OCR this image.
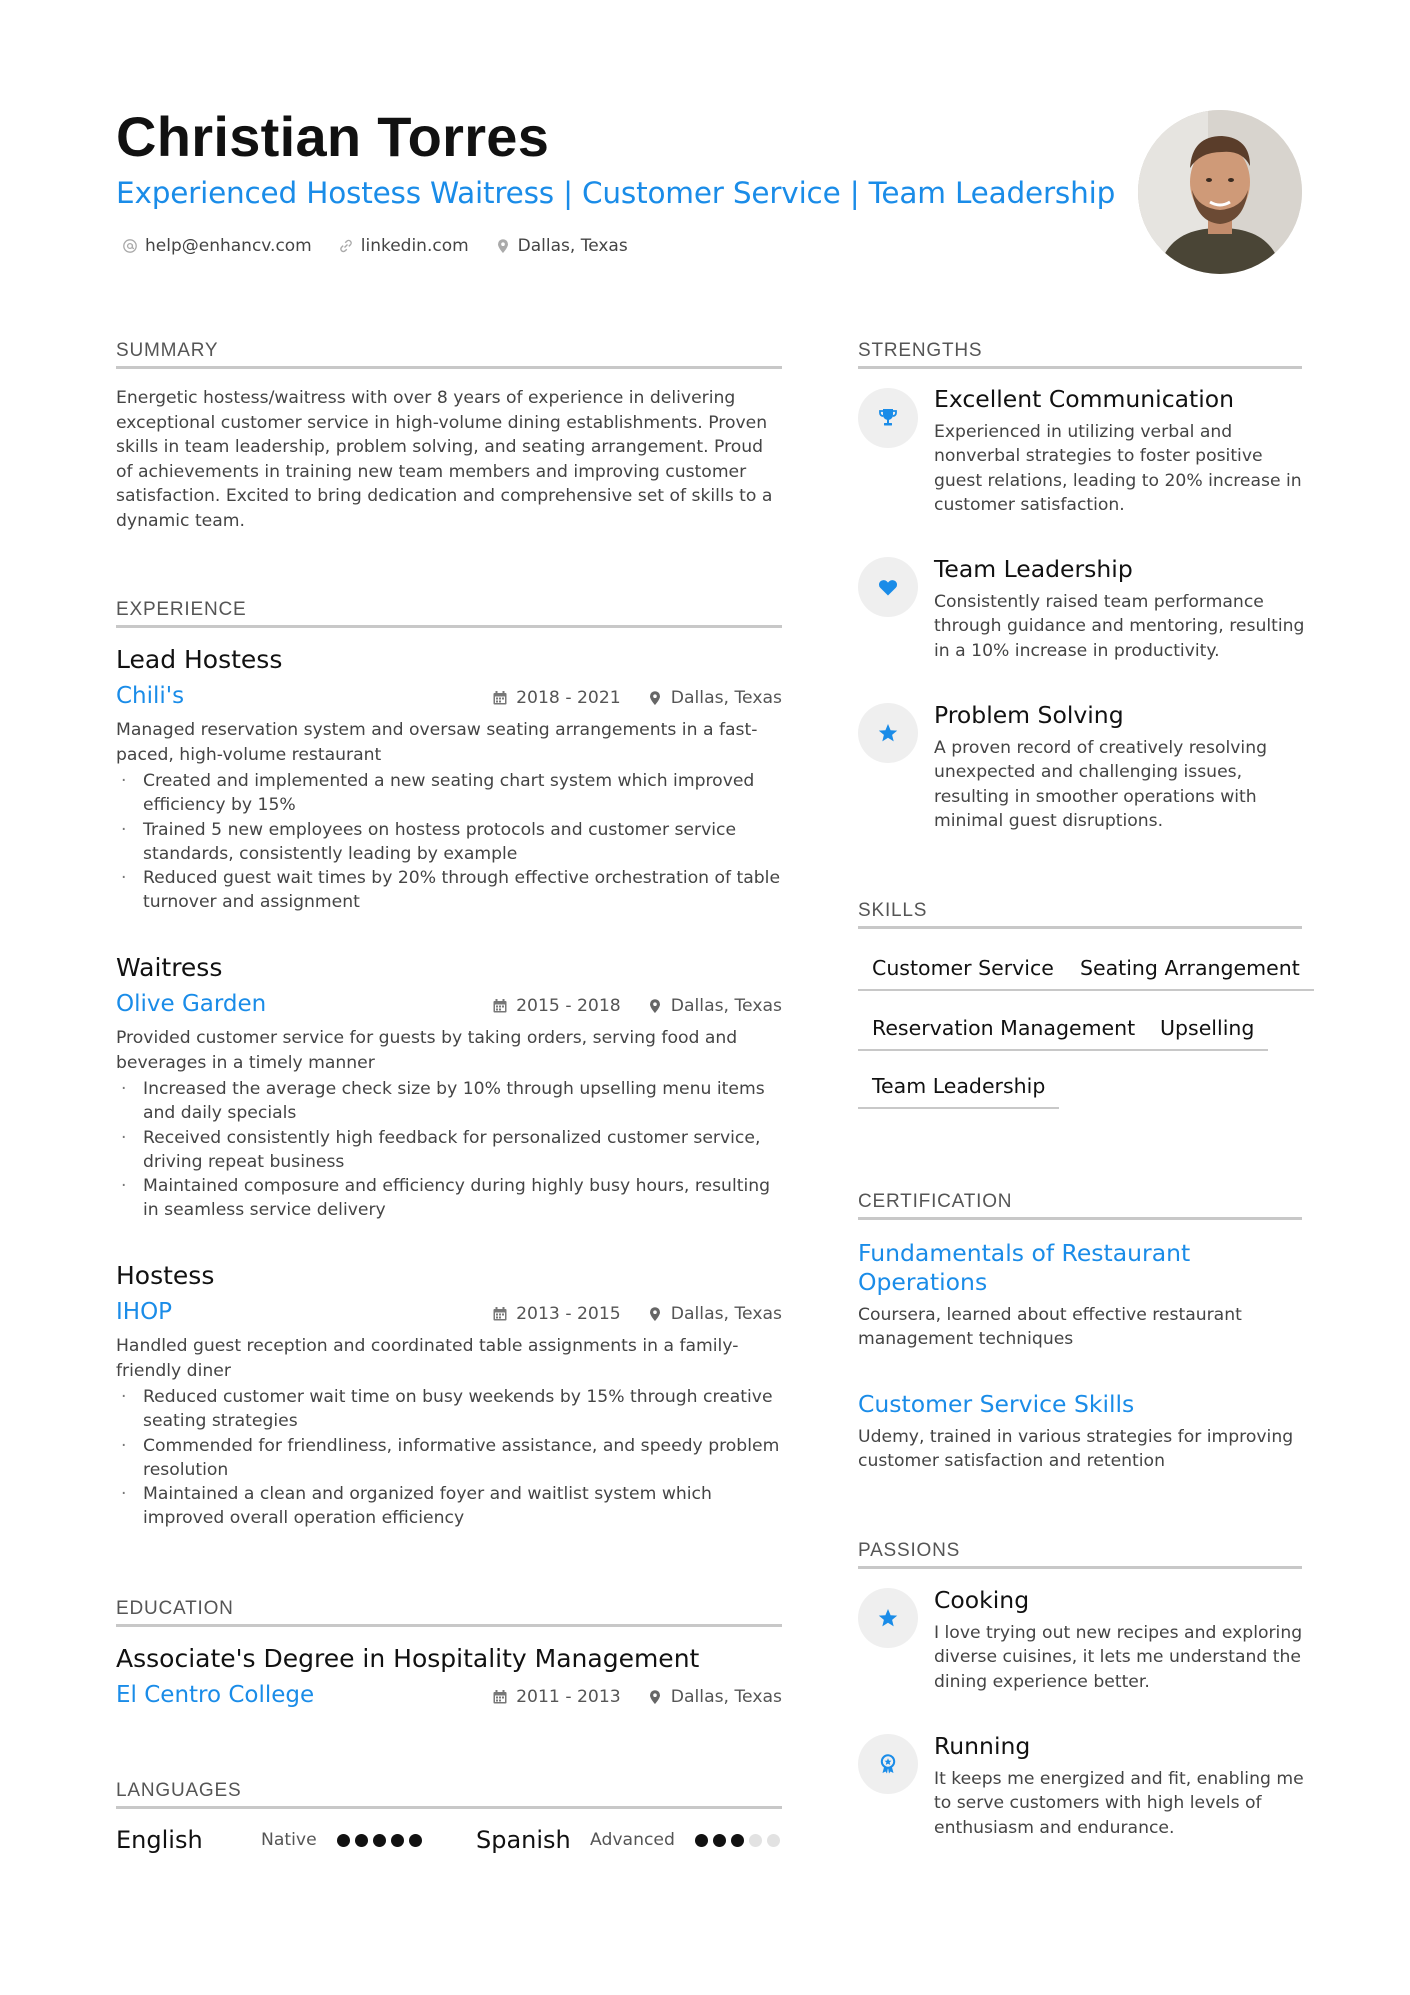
Christian Torres
Experienced Hostess Waitress | Customer Service | Team Leadership
help@enhancv.com	linkedin.com	Dallas, Texas
SUMMARY
Energetic hostess/waitress with over 8 years of experience in delivering exceptional customer service in high-volume dining establishments. Proven skills in team leadership, problem solving, and seating arrangement. Proud of achievements in training new team members and improving customer satisfaction. Excited to bring dedication and comprehensive set of skills to a dynamic team.
EXPERIENCE
Lead Hostess
Chili's	2018 - 2021	Dallas, Texas
Managed reservation system and oversaw seating arrangements in a fast-paced, high-volume restaurant
· Created and implemented a new seating chart system which improved efficiency by 15%
· Trained 5 new employees on hostess protocols and customer service standards, consistently leading by example
· Reduced guest wait times by 20% through effective orchestration of table turnover and assignment
Waitress
Olive Garden	2015 - 2018	Dallas, Texas
Provided customer service for guests by taking orders, serving food and beverages in a timely manner
· Increased the average check size by 10% through upselling menu items and daily specials
· Received consistently high feedback for personalized customer service, driving repeat business
· Maintained composure and efficiency during highly busy hours, resulting in seamless service delivery
Hostess
IHOP	2013 - 2015	Dallas, Texas
Handled guest reception and coordinated table assignments in a family-friendly diner
· Reduced customer wait time on busy weekends by 15% through creative seating strategies
· Commended for friendliness, informative assistance, and speedy problem resolution
· Maintained a clean and organized foyer and waitlist system which improved overall operation efficiency
EDUCATION
Associate's Degree in Hospitality Management
El Centro College	2011 - 2013	Dallas, Texas
LANGUAGES
English	Native	Spanish	Advanced
STRENGTHS
Excellent Communication
Experienced in utilizing verbal and nonverbal strategies to foster positive guest relations, leading to 20% increase in customer satisfaction.
Team Leadership
Consistently raised team performance through guidance and mentoring, resulting in a 10% increase in productivity.
Problem Solving
A proven record of creatively resolving unexpected and challenging issues, resulting in smoother operations with minimal guest disruptions.
SKILLS
Customer Service	Seating Arrangement
Reservation Management	Upselling
Team Leadership
CERTIFICATION
Fundamentals of Restaurant Operations
Coursera, learned about effective restaurant management techniques
Customer Service Skills
Udemy, trained in various strategies for improving customer satisfaction and retention
PASSIONS
Cooking
I love trying out new recipes and exploring diverse cuisines, it lets me understand the dining experience better.
Running
It keeps me energized and fit, enabling me to serve customers with high levels of enthusiasm and endurance.
